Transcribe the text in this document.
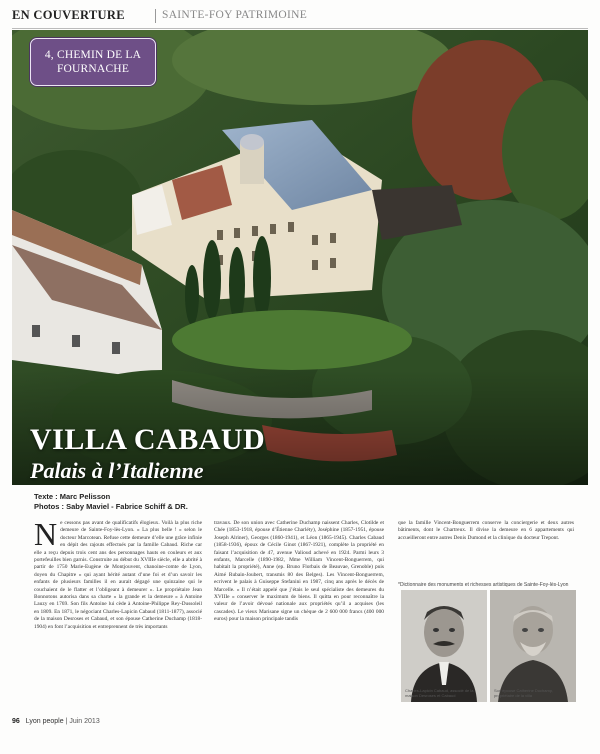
EN COUVERTURE	SAINTE-FOY PATRIMOINE
4, CHEMIN DE LA
FOURNACHE
VILLA CABAUD
Palais à l’Italienne
Texte : Marc Pelisson
Photos : Saby Maviel - Fabrice Schiff & DR.
N e cessons pas avant de qualificatifs élogieux. Voilà la plus riche demeure de Sainte-Foy-lès-Lyon. « La plus belle ! » selon le docteur Marcotean. Refuse cette demeure d’elle une grâce infinie en dépit des rajouts effectués par la famille Cabaud. Riche car elle a reçu depuis trois cent ans des personnages hauts en couleurs et aux portefeuilles bien garnis. Construite au début du XVIIIe siècle, elle a abrité à partir de 1750 Marie-Eugène de Montjouvent, chanoine-comte de Lyon, doyen du Chapitre « qui ayant hérité autant d’une foi et d’un savoir les enfants de plusieurs familles il en aurait dégagé une quinzaine qui le couchaient de le flatter et l’obligeant à demeurer ». Le propriétaire Jean Bonnotons autorisa dans sa charte « la grande et la demeure » à Antoine Lauzy en 1769. Son fils Antoine lui cède à Antoine-Philippe Rey-Dussoleil en 1809. En 1871, le négociant Charles-Lapicin Cabaud (1811-1877), associé de la maison Desroses et Cabaud, et son épouse Catherine Duchamp (1818-1904) en font l’acquisition et entreprennent de très importants
travaux. De son union avec Catherine Duchamp naissent Charles, Clotilde et Chée (1853-1918, épouse d’Étienne Charléty), Joséphine (1857-1951, épouse Joseph Alriner), Georges (1860-1941), et Léon (1865-1945). Charles Cabaud (1858-1936), époux de Cécile Ginot (1867-1921), complète la propriété en faisant l’acquisition de 47, avenue Valioud achevé en 1924. Parmi leurs 3 enfants, Marcelle (1890-1982, Mme William Vincent-Bonguerrem, qui habitait la propriété), Anne (ep. Bruno Florbais de Beauvae, Grenoble) puis Aimé Rubain-Joubert, transmis 80 des Belges). Les Vincent-Bonguerrem, ecrivent le palais à Guiseppe Stefanini en 1987, cinq ans après le décès de Marcelle. « Il n’était appelé que j’étais le seul spécialiste des demeures du XVIIIe » conserver le maximum de biens. Il quitta en pour reconnaître la valeur de l’avoir dévoué nationale aux propriétés qu’il a acquises (les cascades). Le vieux Marisane signe un chèque de 2 600 000 francs (400 000 euros) pour la maison principale tandis
que la famille Vincent-Bonguerrem conserve la conciergerie et deux autres bâtiments, dont le Chartreux. Il divise la demeure en 6 appartements qui accueilleront entre autres Denis Dumond et la clinique du docteur Trepont.
*Dictionnaire des monuments et richesses artistiques de Sainte-Foy-lès-Lyon
Charles-Lapicin Cabaud, associé de la maison Desroses et Cabaud
Son épouse Catherine Duchamp, propriétaire de la villa
96 Lyon people | Juin 2013
